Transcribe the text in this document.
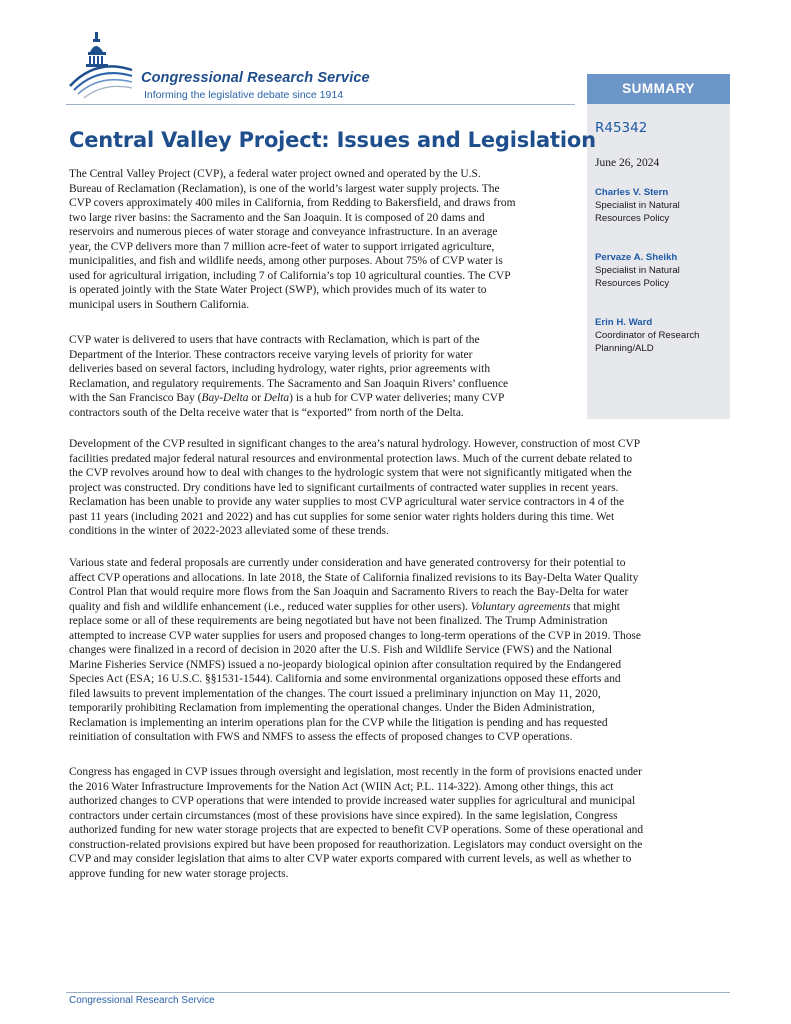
Congressional Research Service
Informing the legislative debate since 1914	SUMMARY
R45342
June 26, 2024
Charles V. Stern
Specialist in Natural
Resources Policy
Pervaze A. Sheikh
Specialist in Natural
Resources Policy
Erin H. Ward
Coordinator of Research
Planning/ALD
Central Valley Project: Issues and Legislation
The Central Valley Project (CVP), a federal water project owned and operated by the U.S.
Bureau of Reclamation (Reclamation), is one of the world’s largest water supply projects. The
CVP covers approximately 400 miles in California, from Redding to Bakersfield, and draws from
two large river basins: the Sacramento and the San Joaquin. It is composed of 20 dams and
reservoirs and numerous pieces of water storage and conveyance infrastructure. In an average
year, the CVP delivers more than 7 million acre-feet of water to support irrigated agriculture,
municipalities, and fish and wildlife needs, among other purposes. About 75% of CVP water is
used for agricultural irrigation, including 7 of California’s top 10 agricultural counties. The CVP
is operated jointly with the State Water Project (SWP), which provides much of its water to
municipal users in Southern California.
CVP water is delivered to users that have contracts with Reclamation, which is part of the
Department of the Interior. These contractors receive varying levels of priority for water
deliveries based on several factors, including hydrology, water rights, prior agreements with
Reclamation, and regulatory requirements. The Sacramento and San Joaquin Rivers’ confluence
with the San Francisco Bay (Bay-Delta or Delta) is a hub for CVP water deliveries; many CVP
contractors south of the Delta receive water that is “exported” from north of the Delta.
Development of the CVP resulted in significant changes to the area’s natural hydrology. However, construction of most CVP
facilities predated major federal natural resources and environmental protection laws. Much of the current debate related to
the CVP revolves around how to deal with changes to the hydrologic system that were not significantly mitigated when the
project was constructed. Dry conditions have led to significant curtailments of contracted water supplies in recent years.
Reclamation has been unable to provide any water supplies to most CVP agricultural water service contractors in 4 of the
past 11 years (including 2021 and 2022) and has cut supplies for some senior water rights holders during this time. Wet
conditions in the winter of 2022-2023 alleviated some of these trends.
Various state and federal proposals are currently under consideration and have generated controversy for their potential to
affect CVP operations and allocations. In late 2018, the State of California finalized revisions to its Bay-Delta Water Quality
Control Plan that would require more flows from the San Joaquin and Sacramento Rivers to reach the Bay-Delta for water
quality and fish and wildlife enhancement (i.e., reduced water supplies for other users). Voluntary agreements that might
replace some or all of these requirements are being negotiated but have not been finalized. The Trump Administration
attempted to increase CVP water supplies for users and proposed changes to long-term operations of the CVP in 2019. Those
changes were finalized in a record of decision in 2020 after the U.S. Fish and Wildlife Service (FWS) and the National
Marine Fisheries Service (NMFS) issued a no-jeopardy biological opinion after consultation required by the Endangered
Species Act (ESA; 16 U.S.C. §§1531-1544). California and some environmental organizations opposed these efforts and
filed lawsuits to prevent implementation of the changes. The court issued a preliminary injunction on May 11, 2020,
temporarily prohibiting Reclamation from implementing the operational changes. Under the Biden Administration,
Reclamation is implementing an interim operations plan for the CVP while the litigation is pending and has requested
reinitiation of consultation with FWS and NMFS to assess the effects of proposed changes to CVP operations.
Congress has engaged in CVP issues through oversight and legislation, most recently in the form of provisions enacted under
the 2016 Water Infrastructure Improvements for the Nation Act (WIIN Act; P.L. 114-322). Among other things, this act
authorized changes to CVP operations that were intended to provide increased water supplies for agricultural and municipal
contractors under certain circumstances (most of these provisions have since expired). In the same legislation, Congress
authorized funding for new water storage projects that are expected to benefit CVP operations. Some of these operational and
construction-related provisions expired but have been proposed for reauthorization. Legislators may conduct oversight on the
CVP and may consider legislation that aims to alter CVP water exports compared with current levels, as well as whether to
approve funding for new water storage projects.
Congressional Research Service
